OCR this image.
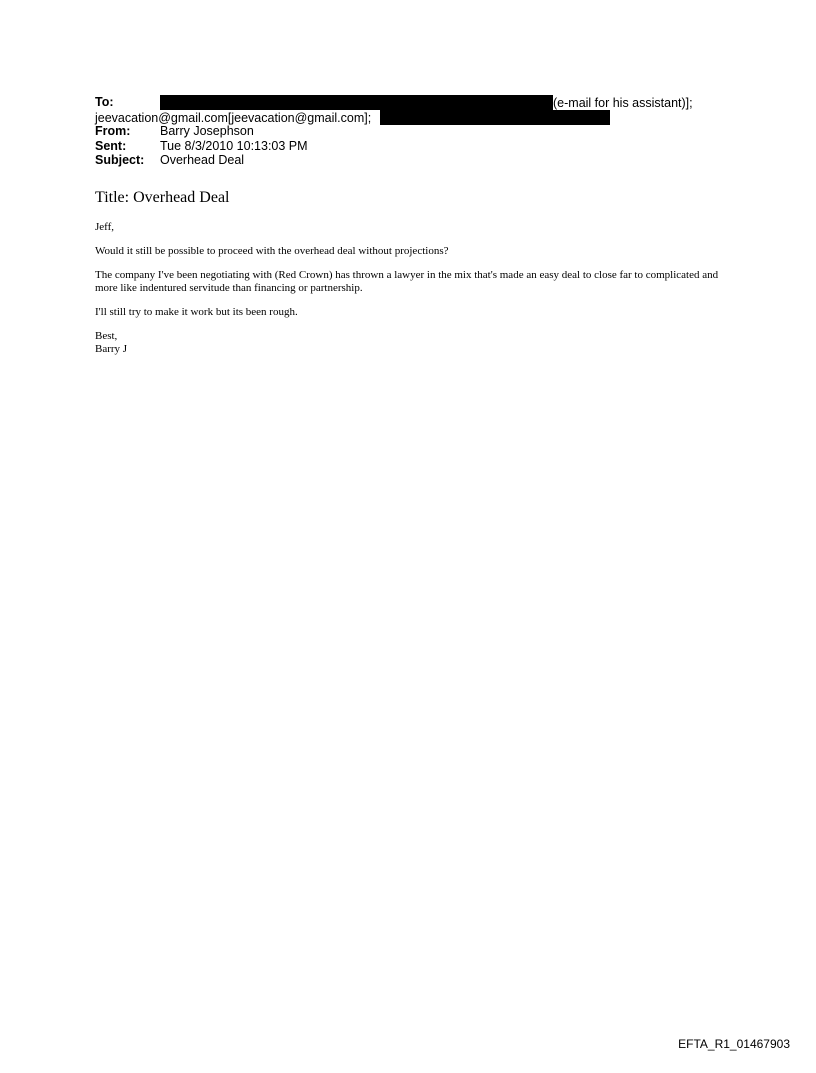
To:	(e-mail for his assistant)];
jeevacation@gmail.com[jeevacation@gmail.com];
From: Barry Josephson
Sent:	Tue 8/3/2010 10:13:03 PM
Subject: Overhead Deal
Title: Overhead Deal

Jeff,

Would it still be possible to proceed with the overhead deal without projections?

The company I've been negotiating with (Red Crown) has thrown a lawyer in the mix that's made an easy deal to close far to complicated and more like indentured servitude than financing or partnership.

I'll still try to make it work but its been rough.

Best,
Barry J

EFTA_R1_01467903
